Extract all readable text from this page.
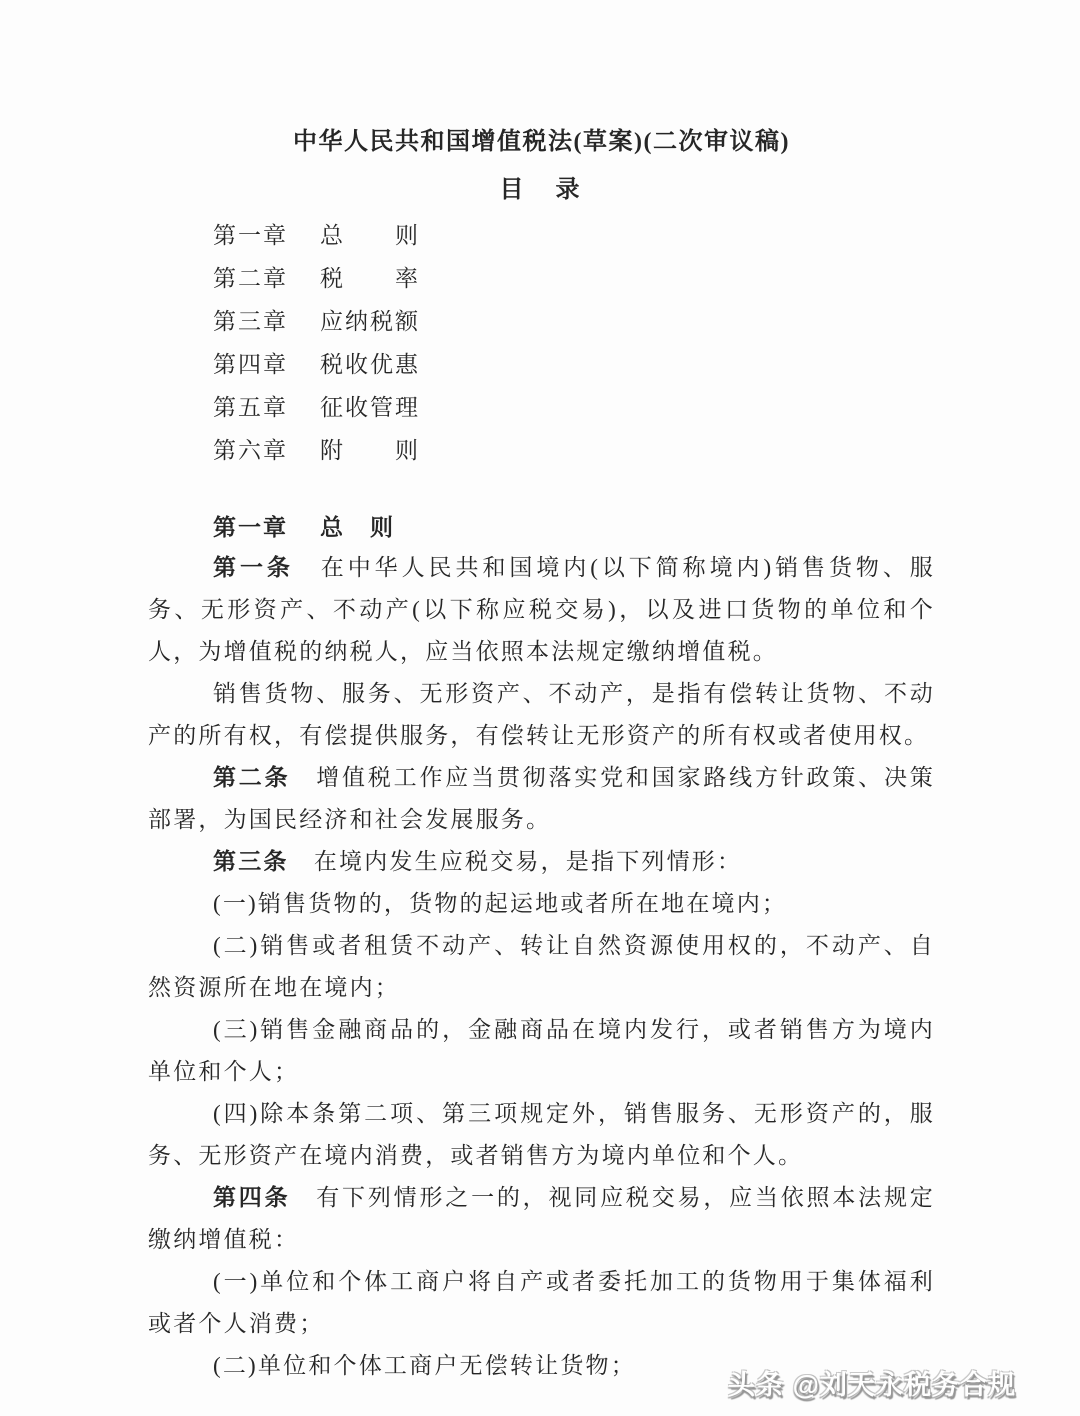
中华人民共和国增值税法(草案)(二次审议稿)
目　录
第一章	总　　则
第二章	税　　率
第三章	应纳税额
第四章	税收优惠
第五章	征收管理
第六章	附　　则
第一章	总　则

第一条　在中华人民共和国境内(以下简称境内)销售货物、服务、无形资产、不动产(以下称应税交易)，以及进口货物的单位和个人，为增值税的纳税人，应当依照本法规定缴纳增值税。

销售货物、服务、无形资产、不动产，是指有偿转让货物、不动产的所有权，有偿提供服务，有偿转让无形资产的所有权或者使用权。

第二条　增值税工作应当贯彻落实党和国家路线方针政策、决策部署，为国民经济和社会发展服务。

第三条　在境内发生应税交易，是指下列情形：

(一)销售货物的，货物的起运地或者所在地在境内；

(二)销售或者租赁不动产、转让自然资源使用权的，不动产、自然资源所在地在境内；

(三)销售金融商品的，金融商品在境内发行，或者销售方为境内单位和个人；

(四)除本条第二项、第三项规定外，销售服务、无形资产的，服务、无形资产在境内消费，或者销售方为境内单位和个人。

第四条　有下列情形之一的，视同应税交易，应当依照本法规定缴纳增值税：

(一)单位和个体工商户将自产或者委托加工的货物用于集体福利或者个人消费；

(二)单位和个体工商户无偿转让货物；

头条 @刘天永税务合规
